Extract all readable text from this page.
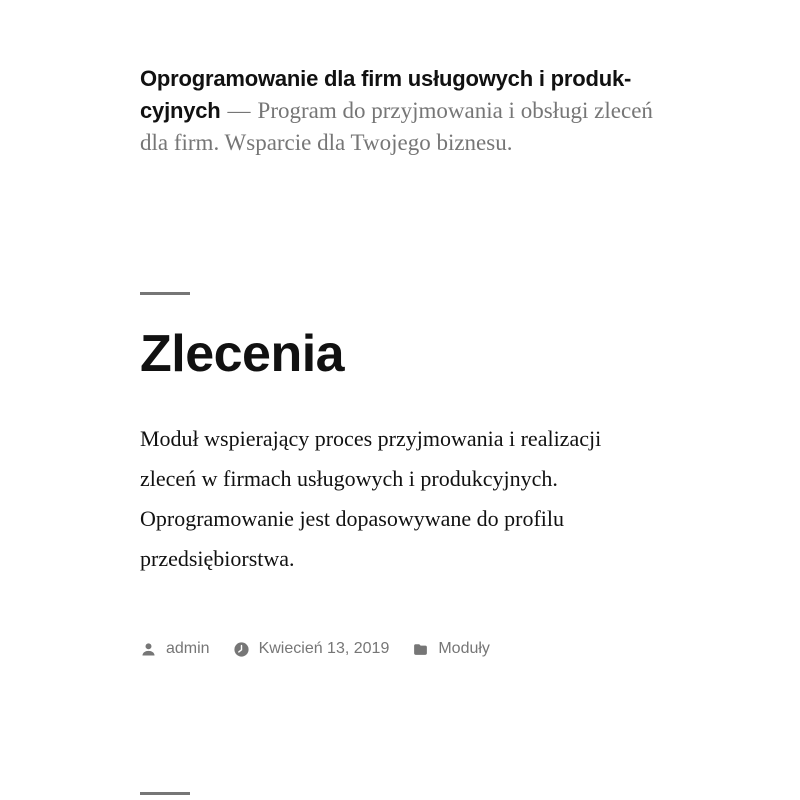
Oprogramowanie dla firm usługowych i produkcyjnych — Program do przyjmowania i obsługi zleceń dla firm. Wsparcie dla Twojego biznesu.
Zlecenia

Moduł wspierający proces przyjmowania i realizacji zleceń w firmach usługowych i produkcyjnych. Oprogramowanie jest dopasowywane do profilu przedsiębiorstwa.

admin	Kwiecień 13, 2019	Moduły
